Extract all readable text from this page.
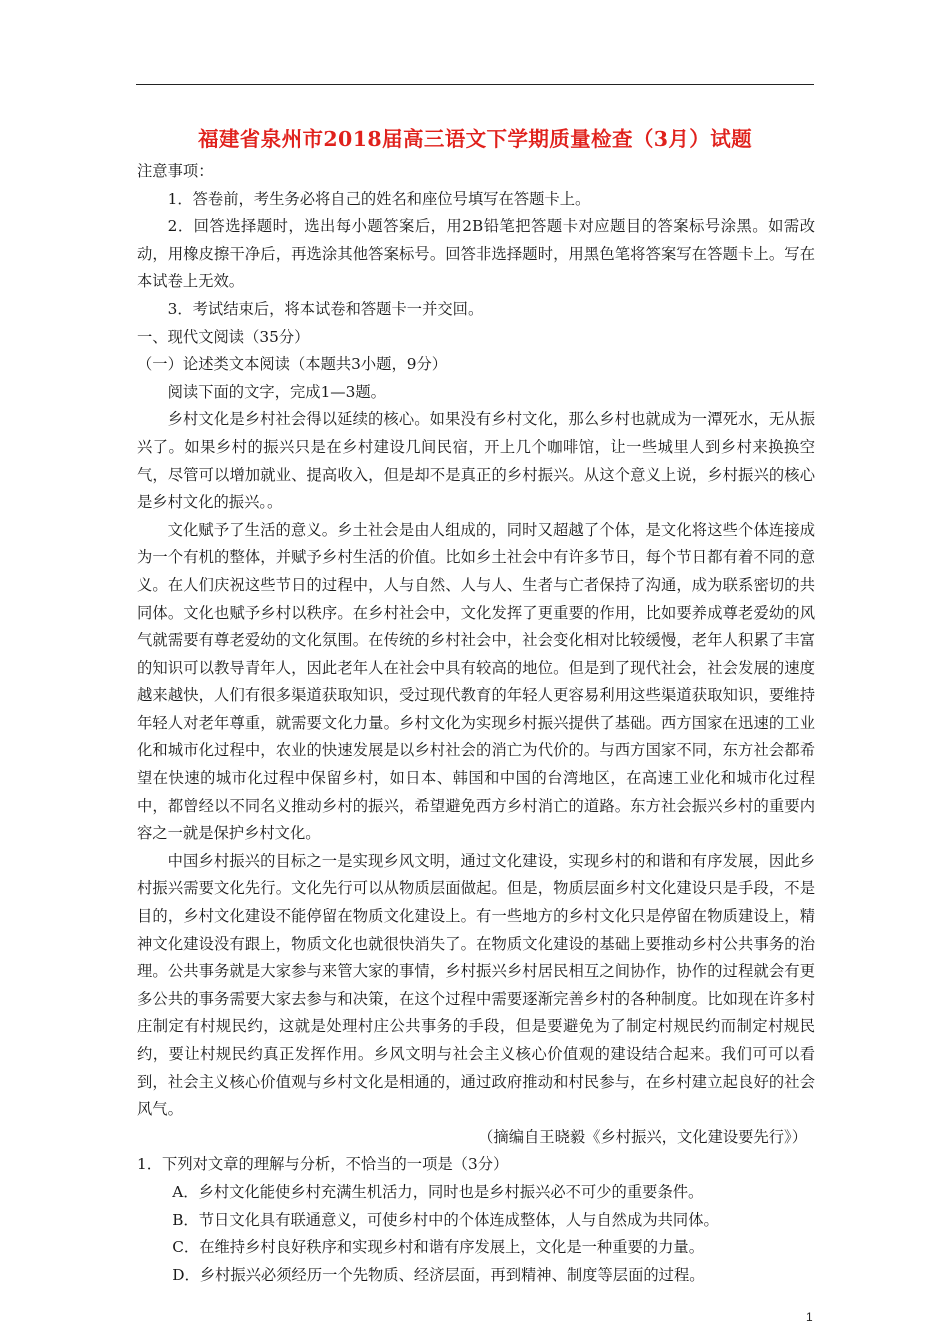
福建省泉州市2018届高三语文下学期质量检查（3月）试题

注意事项：

1．答卷前，考生务必将自己的姓名和座位号填写在答题卡上。

2．回答选择题时，选出每小题答案后，用2B铅笔把答题卡对应题目的答案标号涂黑。如需改动，用橡皮擦干净后，再选涂其他答案标号。回答非选择题时，用黑色笔将答案写在答题卡上。写在本试卷上无效。

3．考试结束后，将本试卷和答题卡一并交回。

一、现代文阅读（35分）

（一）论述类文本阅读（本题共3小题，9分）

阅读下面的文字，完成1—3题。

乡村文化是乡村社会得以延续的核心。如果没有乡村文化，那么乡村也就成为一潭死水，无从振兴了。如果乡村的振兴只是在乡村建设几间民宿，开上几个咖啡馆，让一些城里人到乡村来换换空气，尽管可以增加就业、提高收入，但是却不是真正的乡村振兴。从这个意义上说，乡村振兴的核心是乡村文化的振兴。。

文化赋予了生活的意义。乡土社会是由人组成的，同时又超越了个体，是文化将这些个体连接成为一个有机的整体，并赋予乡村生活的价值。比如乡土社会中有许多节日，每个节日都有着不同的意义。在人们庆祝这些节日的过程中，人与自然、人与人、生者与亡者保持了沟通，成为联系密切的共同体。文化也赋予乡村以秩序。在乡村社会中，文化发挥了更重要的作用，比如要养成尊老爱幼的风气就需要有尊老爱幼的文化氛围。在传统的乡村社会中，社会变化相对比较缓慢，老年人积累了丰富的知识可以教导青年人，因此老年人在社会中具有较高的地位。但是到了现代社会，社会发展的速度越来越快，人们有很多渠道获取知识，受过现代教育的年轻人更容易利用这些渠道获取知识，要维持年轻人对老年尊重，就需要文化力量。乡村文化为实现乡村振兴提供了基础。西方国家在迅速的工业化和城市化过程中，农业的快速发展是以乡村社会的消亡为代价的。与西方国家不同，东方社会都希望在快速的城市化过程中保留乡村，如日本、韩国和中国的台湾地区，在高速工业化和城市化过程中，都曾经以不同名义推动乡村的振兴，希望避免西方乡村消亡的道路。东方社会振兴乡村的重要内容之一就是保护乡村文化。

中国乡村振兴的目标之一是实现乡风文明，通过文化建设，实现乡村的和谐和有序发展，因此乡村振兴需要文化先行。文化先行可以从物质层面做起。但是，物质层面乡村文化建设只是手段，不是目的，乡村文化建设不能停留在物质文化建设上。有一些地方的乡村文化只是停留在物质建设上，精神文化建设没有跟上，物质文化也就很快消失了。在物质文化建设的基础上要推动乡村公共事务的治理。公共事务就是大家参与来管大家的事情，乡村振兴乡村居民相互之间协作，协作的过程就会有更多公共的事务需要大家去参与和决策，在这个过程中需要逐渐完善乡村的各种制度。比如现在许多村庄制定有村规民约，这就是处理村庄公共事务的手段，但是要避免为了制定村规民约而制定村规民约，要让村规民约真正发挥作用。乡风文明与社会主义核心价值观的建设结合起来。我们可可以看到，社会主义核心价值观与乡村文化是相通的，通过政府推动和村民参与，在乡村建立起良好的社会风气。

（摘编自王晓毅《乡村振兴，文化建设要先行》）

1．下列对文章的理解与分析，不恰当的一项是（3分）

A．乡村文化能使乡村充满生机活力，同时也是乡村振兴必不可少的重要条件。

B．节日文化具有联通意义，可使乡村中的个体连成整体，人与自然成为共同体。

C．在维持乡村良好秩序和实现乡村和谐有序发展上，文化是一种重要的力量。

D．乡村振兴必须经历一个先物质、经济层面，再到精神、制度等层面的过程。

1
